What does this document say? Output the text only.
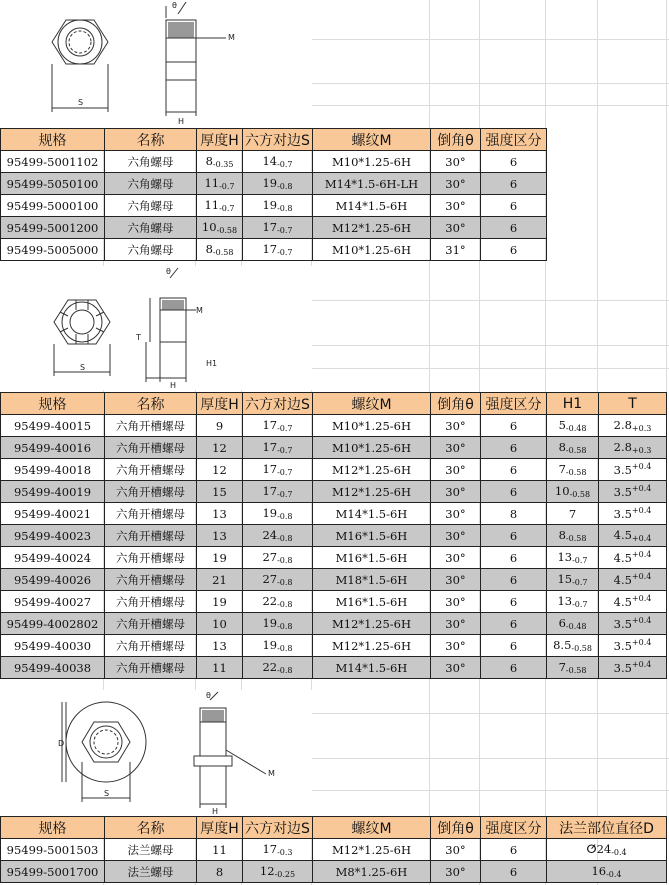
S
H
M
θ
规格	名称	厚度H	六方对边S	螺纹M	倒角θ	强度区分
95499-5001102	六角螺母	$8_{-0.35}$	$14_{-0.7}$	M10*1.25-6H	30°	6
95499-5050100	六角螺母	$11_{-0.7}$	$19_{-0.8}$	M14*1.5-6H-LH	30°	6
95499-5000100	六角螺母	$11_{-0.7}$	$19_{-0.8}$	M14*1.5-6H	30°	6
95499-5001200	六角螺母	$10_{-0.58}$	$17_{-0.7}$	M12*1.25-6H	30°	6
95499-5005000	六角螺母	$8_{-0.58}$	$17_{-0.7}$	M10*1.25-6H	31°	6
S
H
H1
T
M
θ
规格	名称	厚度H	六方对边S	螺纹M	倒角θ	强度区分	H1	T
95499-40015	六角开槽螺母	9	$17_{-0.7}$	M10*1.25-6H	30°	6	$5_{-0.48}$	$2.8_{+0.3}$
95499-40016	六角开槽螺母	12	$17_{-0.7}$	M10*1.25-6H	30°	6	$8_{-0.58}$	$2.8_{+0.3}$
95499-40018	六角开槽螺母	12	$17_{-0.7}$	M12*1.25-6H	30°	6	$7_{-0.58}$	$3.5^{+0.4}$
95499-40019	六角开槽螺母	15	$17_{-0.7}$	M12*1.25-6H	30°	6	$10_{-0.58}$	$3.5^{+0.4}$
95499-40021	六角开槽螺母	13	$19_{-0.8}$	M14*1.5-6H	30°	8	7	$3.5^{+0.4}$
95499-40023	六角开槽螺母	13	$24_{-0.8}$	M16*1.5-6H	30°	6	$8_{-0.58}$	$4.5_{+0.4}$
95499-40024	六角开槽螺母	19	$27_{-0.8}$	M16*1.5-6H	30°	6	$13_{-0.7}$	$4.5^{+0.4}$
95499-40026	六角开槽螺母	21	$27_{-0.8}$	M18*1.5-6H	30°	6	$15_{-0.7}$	$4.5^{+0.4}$
95499-40027	六角开槽螺母	19	$22_{-0.8}$	M16*1.5-6H	30°	6	$13_{-0.7}$	$4.5^{+0.4}$
95499-4002802	六角开槽螺母	10	$19_{-0.8}$	M12*1.25-6H	30°	6	$6_{-0.48}$	$3.5^{+0.4}$
95499-40030	六角开槽螺母	13	$19_{-0.8}$	M12*1.25-6H	30°	6	$8.5_{-0.58}$	$3.5^{+0.4}$
95499-40038	六角开槽螺母	11	$22_{-0.8}$	M14*1.5-6H	30°	6	$7_{-0.58}$	$3.5^{+0.4}$
D
S
H
M
θ
规格	名称	厚度H	六方对边S	螺纹M	倒角θ	强度区分	法兰部位直径D
95499-5001503	法兰螺母	11	$17_{-0.3}$	M12*1.25-6H	30°	6	$ⵚ24_{-0.4}$
95499-5001700	法兰螺母	8	$12_{-0.25}$	M8*1.25-6H	30°	6	$16_{-0.4}$
